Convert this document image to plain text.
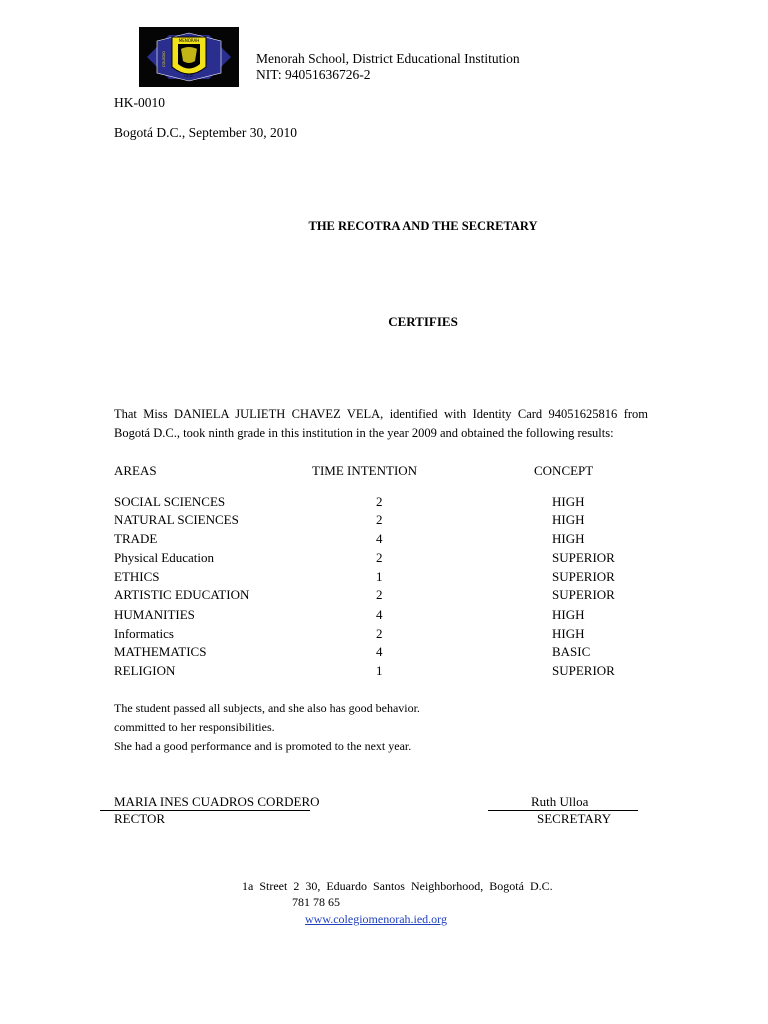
MENORAH
COLEGIO
I.E.D.
Menorah School, District Educational Institution
NIT: 94051636726-2
HK-0010
Bogotá D.C., September 30, 2010
THE RECOTRA AND THE SECRETARY
CERTIFIES
That Miss DANIELA JULIETH CHAVEZ VELA, identified with Identity Card 94051625816 from Bogotá D.C., took ninth grade in this institution in the year 2009 and obtained the following results:
AREAS	TIME INTENTION	CONCEPT
SOCIAL SCIENCES	2	HIGH
NATURAL SCIENCES	2	HIGH
TRADE	4	HIGH
Physical Education	2	SUPERIOR
ETHICS	1	SUPERIOR
ARTISTIC EDUCATION	2	SUPERIOR
HUMANITIES	4	HIGH
Informatics	2	HIGH
MATHEMATICS	4	BASIC
RELIGION	1	SUPERIOR
The student passed all subjects, and she also has good behavior.
committed to her responsibilities.
She had a good performance and is promoted to the next year.
MARIA INES CUADROS CORDERO
RECTOR
Ruth Ulloa
SECRETARY
1a  Street  2  30,  Eduardo  Santos  Neighborhood,  Bogotá  D.C.
781 78 65
www.colegiomenorah.ied.org
